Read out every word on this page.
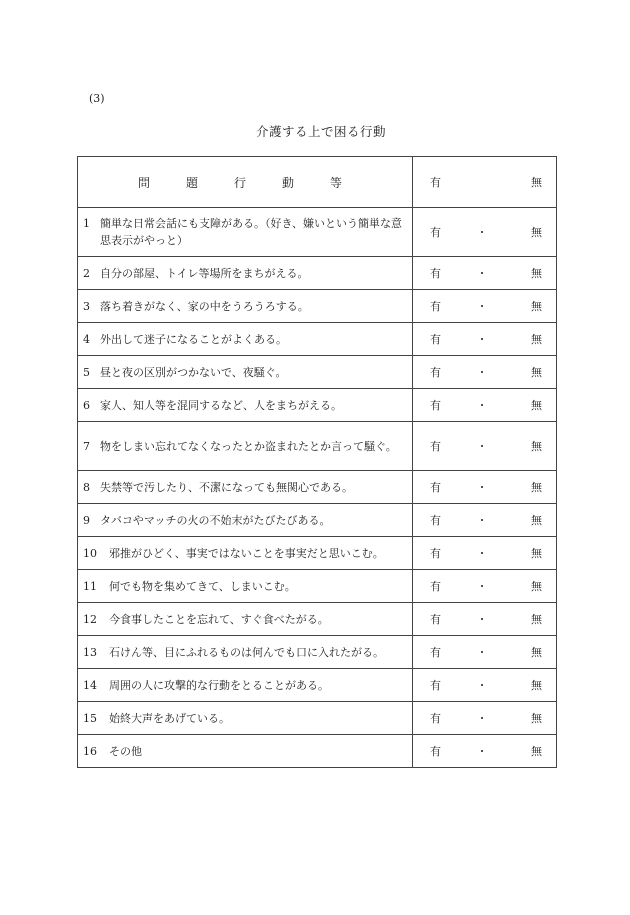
(3)
介護する上で困る行動
問 題 行 動 等	有 無

1 簡単な日常会話にも支障がある。（好き、嫌いという簡単な意思表示がやっと）	有 ・ 無

2 自分の部屋、トイレ等場所をまちがえる。	有 ・ 無

3 落ち着きがなく、家の中をうろうろする。	有 ・ 無

4 外出して迷子になることがよくある。	有 ・ 無

5 昼と夜の区別がつかないで、夜騒ぐ。	有 ・ 無

6 家人、知人等を混同するなど、人をまちがえる。	有 ・ 無

7 物をしまい忘れてなくなったとか盗まれたとか言って騒ぐ。	有 ・ 無

8 失禁等で汚したり、不潔になっても無関心である。	有 ・ 無

9 タバコやマッチの火の不始末がたびたびある。	有 ・ 無

10 邪推がひどく、事実ではないことを事実だと思いこむ。	有 ・ 無

11 何でも物を集めてきて、しまいこむ。	有 ・ 無

12 今食事したことを忘れて、すぐ食べたがる。	有 ・ 無

13 石けん等、目にふれるものは何んでも口に入れたがる。	有 ・ 無

14 周囲の人に攻撃的な行動をとることがある。	有 ・ 無

15 始終大声をあげている。	有 ・ 無

16 その他	有 ・ 無
